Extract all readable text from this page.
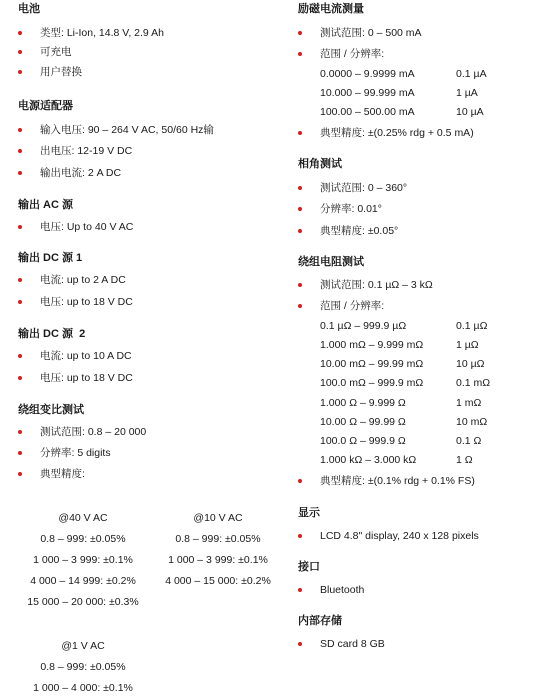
电池
类型: Li-Ion, 14.8 V, 2.9 Ah
可充电
用户替换
电源适配器
输入电压: 90 – 264 V AC, 50/60 Hz输
出电压: 12-19 V DC
输出电流: 2 A DC
输出 AC 源
电压: Up to 40 V AC
输出 DC 源 1
电流: up to 2 A DC
电压: up to 18 V DC
输出 DC 源  2
电流: up to 10 A DC
电压: up to 18 V DC
绕组变比测试
测试范围: 0.8 – 20 000
分辨率: 5 digits
典型精度:
@40 V AC
0.8 – 999: ±0.05%
1 000 – 3 999: ±0.1%
4 000 – 14 999: ±0.2%
15 000 – 20 000: ±0.3%
@10 V AC
0.8 – 999: ±0.05%
1 000 – 3 999: ±0.1%
4 000 – 15 000: ±0.2%
@1 V AC
0.8 – 999: ±0.05%
1 000 – 4 000: ±0.1%
励磁电流测量
测试范围: 0 – 500 mA
范围 / 分辨率:
0.0000 – 9.9999 mA	0.1 µA
10.000 – 99.999 mA	1 µA
100.00 – 500.00 mA	10 µA
典型精度: ±(0.25% rdg + 0.5 mA)
相角测试
测试范围: 0 – 360°
分辨率: 0.01°
典型精度: ±0.05°
绕组电阻测试
测试范围: 0.1 µΩ – 3 kΩ
范围 / 分辨率:
0.1 µΩ – 999.9 µΩ	0.1 µΩ
1.000 mΩ – 9.999 mΩ	1 µΩ
10.00 mΩ – 99.99 mΩ	10 µΩ
100.0 mΩ – 999.9 mΩ	0.1 mΩ
1.000 Ω – 9.999 Ω	1 mΩ
10.00 Ω – 99.99 Ω	10 mΩ
100.0 Ω – 999.9 Ω	0.1 Ω
1.000 kΩ – 3.000 kΩ	1 Ω
典型精度: ±(0.1% rdg + 0.1% FS)
显示
LCD 4.8" display, 240 x 128 pixels
接口
Bluetooth
内部存储
SD card 8 GB
